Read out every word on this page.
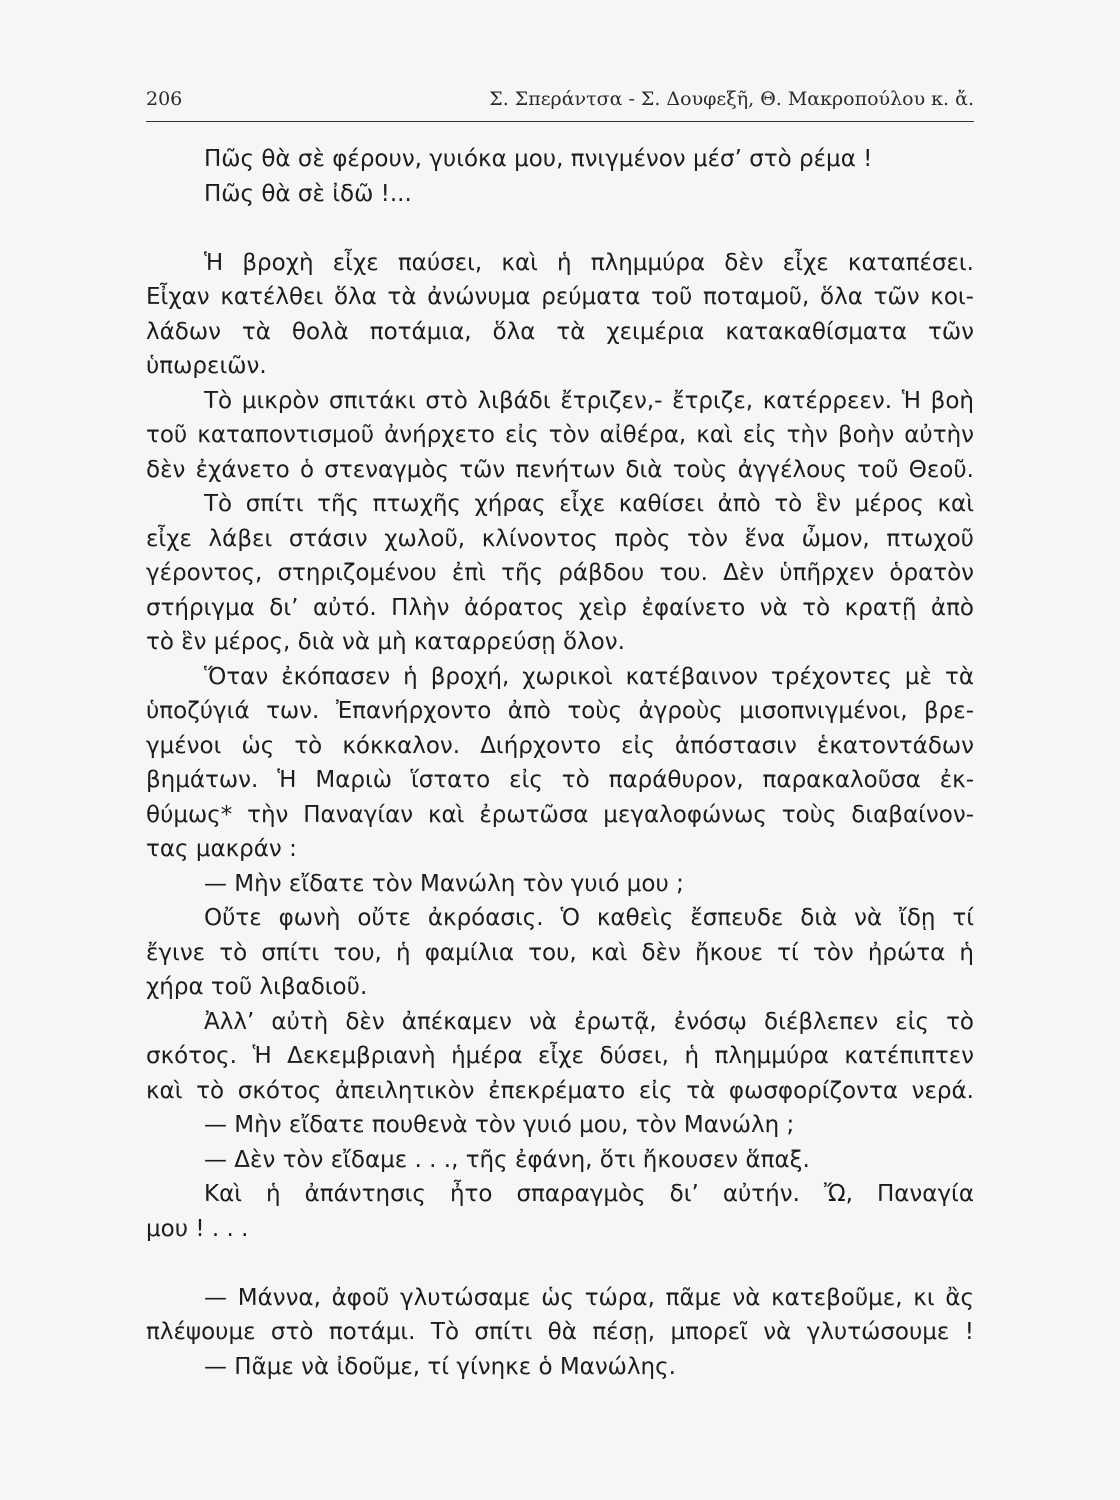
206	Σ. Σπεράντσα - Σ. Δουφεξῆ, Θ. Μακροπούλου κ. ἄ.
Πῶς θὰ σὲ φέρουν, γυιόκα μου, πνιγμένον μέσ’ στὸ ρέμα !
Πῶς θὰ σὲ ἰδῶ !...
Ἡ βροχὴ εἶχε παύσει, καὶ ἡ πλημμύρα δὲν εἶχε καταπέσει.
Εἶχαν κατέλθει ὅλα τὰ ἀνώνυμα ρεύματα τοῦ ποταμοῦ, ὅλα τῶν κοι-
λάδων τὰ θολὰ ποτάμια, ὅλα τὰ χειμέρια κατακαθίσματα τῶν
ὑπωρειῶν.
Τὸ μικρὸν σπιτάκι στὸ λιβάδι ἔτριζεν,- ἔτριζε, κατέρρεεν. Ἡ βοὴ
τοῦ καταποντισμοῦ ἀνήρχετο εἰς τὸν αἰθέρα, καὶ εἰς τὴν βοὴν αὐτὴν
δὲν ἐχάνετο ὁ στεναγμὸς τῶν πενήτων διὰ τοὺς ἀγγέλους τοῦ Θεοῦ.
Τὸ σπίτι τῆς πτωχῆς χήρας εἶχε καθίσει ἀπὸ τὸ ἓν μέρος καὶ
εἶχε λάβει στάσιν χωλοῦ, κλίνοντος πρὸς τὸν ἕνα ὦμον, πτωχοῦ
γέροντος, στηριζομένου ἐπὶ τῆς ράβδου του. Δὲν ὑπῆρχεν ὁρατὸν
στήριγμα δι’ αὐτό. Πλὴν ἀόρατος χεὶρ ἐφαίνετο νὰ τὸ κρατῇ ἀπὸ
τὸ ἓν μέρος, διὰ νὰ μὴ καταρρεύσῃ ὅλον.
Ὅταν ἐκόπασεν ἡ βροχή, χωρικοὶ κατέβαινον τρέχοντες μὲ τὰ
ὑποζύγιά των. Ἐπανήρχοντο ἀπὸ τοὺς ἀγροὺς μισοπνιγμένοι, βρε-
γμένοι ὡς τὸ κόκκαλον. Διήρχοντο εἰς ἀπόστασιν ἑκατοντάδων
βημάτων. Ἡ Μαριὼ ἵστατο εἰς τὸ παράθυρον, παρακαλοῦσα ἐκ-
θύμως* τὴν Παναγίαν καὶ ἐρωτῶσα μεγαλοφώνως τοὺς διαβαίνον-
τας μακράν :
— Μὴν εἴδατε τὸν Μανώλη τὸν γυιό μου ;
Οὔτε φωνὴ οὔτε ἀκρόασις. Ὁ καθεὶς ἔσπευδε διὰ νὰ ἴδῃ τί
ἔγινε τὸ σπίτι του, ἡ φαμίλια του, καὶ δὲν ἤκουε τί τὸν ἠρώτα ἡ
χήρα τοῦ λιβαδιοῦ.
Ἀλλ’ αὐτὴ δὲν ἀπέκαμεν νὰ ἐρωτᾷ, ἐνόσῳ διέβλεπεν εἰς τὸ
σκότος. Ἡ Δεκεμβριανὴ ἡμέρα εἶχε δύσει, ἡ πλημμύρα κατέπιπτεν
καὶ τὸ σκότος ἀπειλητικὸν ἐπεκρέματο εἰς τὰ φωσφορίζοντα νερά.
— Μὴν εἴδατε πουθενὰ τὸν γυιό μου, τὸν Μανώλη ;
— Δὲν τὸν εἴδαμε . . ., τῆς ἐφάνη, ὅτι ἤκουσεν ἅπαξ.
Καὶ ἡ ἀπάντησις ἦτο σπαραγμὸς δι’ αὐτήν. Ὤ, Παναγία
μου ! . . .
— Μάννα, ἀφοῦ γλυτώσαμε ὡς τώρα, πᾶμε νὰ κατεβοῦμε, κι ἂς
πλέψουμε στὸ ποτάμι. Τὸ σπίτι θὰ πέσῃ, μπορεῖ νὰ γλυτώσουμε !
— Πᾶμε νὰ ἰδοῦμε, τί γίνηκε ὁ Μανώλης.
